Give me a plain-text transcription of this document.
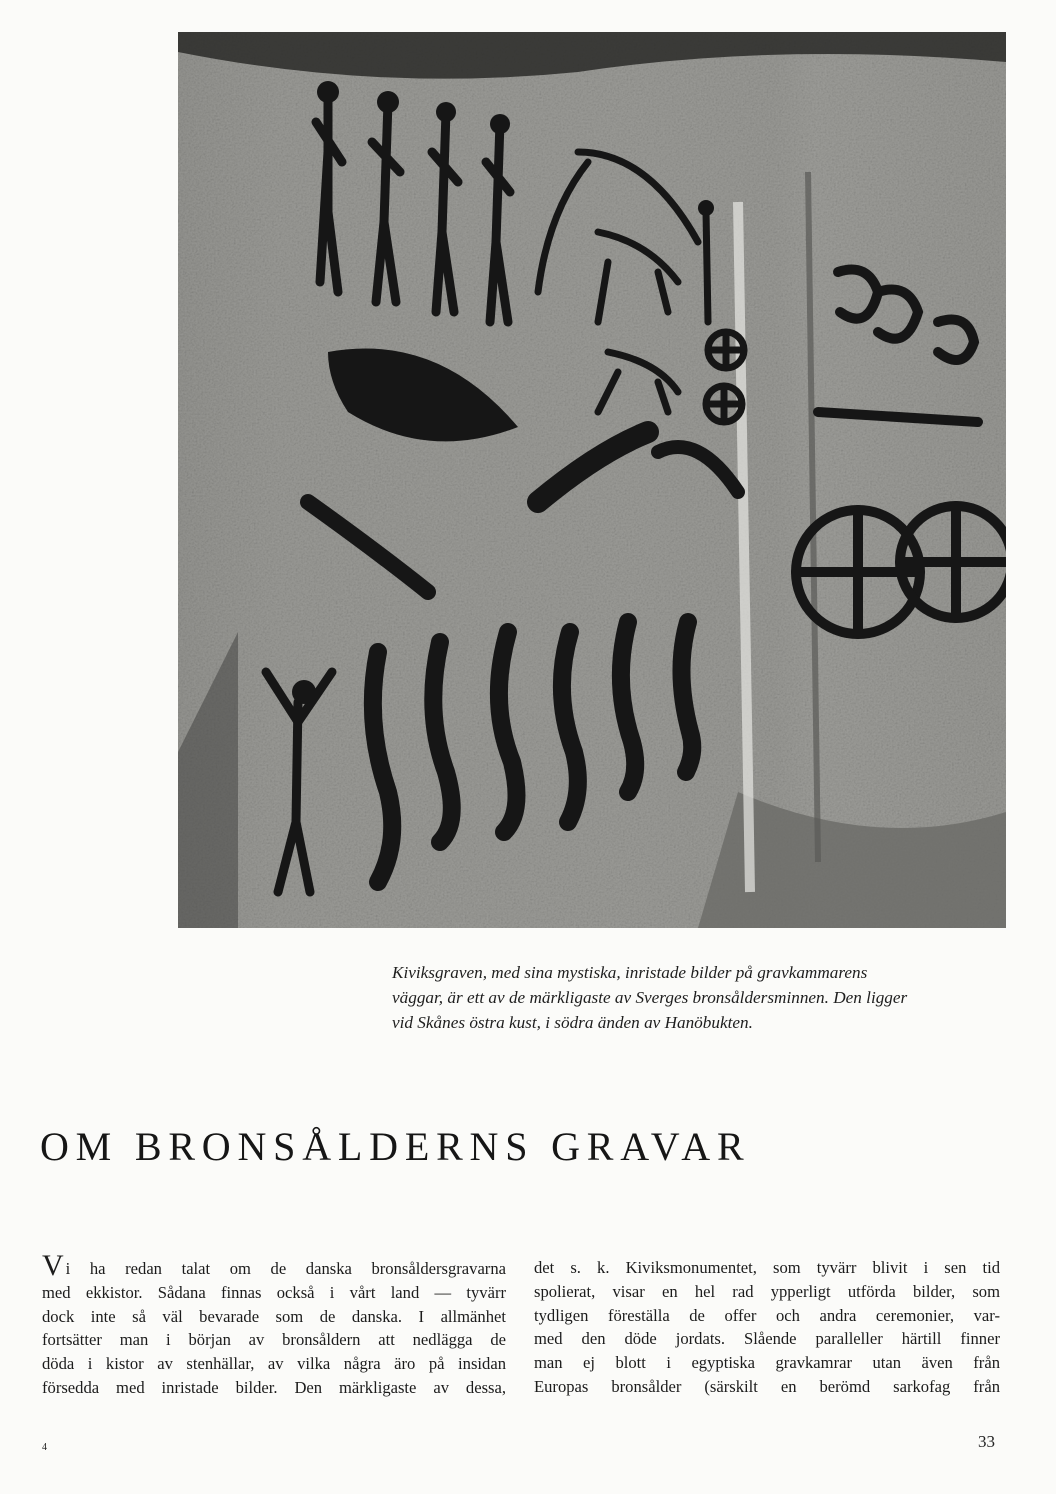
Kiviksgraven, med sina mystiska, inristade bilder på gravkammarens
väggar, är ett av de märkligaste av Sverges bronsåldersminnen. Den ligger
vid Skånes östra kust, i södra änden av Hanöbukten.
OM BRONSÅLDERNS GRAVAR
Vi ha redan talat om de danska bronsåldersgravarna
med ekkistor. Sådana finnas också i vårt land — tyvärr
dock inte så väl bevarade som de danska. I allmänhet
fortsätter man i början av bronsåldern att nedlägga de
döda i kistor av stenhällar, av vilka några äro på insidan
försedda med inristade bilder. Den märkligaste av dessa,
det s. k. Kiviksmonumentet, som tyvärr blivit i sen tid
spolierat, visar en hel rad ypperligt utförda bilder, som
tydligen föreställa de offer och andra ceremonier, var-
med den döde jordats. Slående paralleller härtill finner
man ej blott i egyptiska gravkamrar utan även från
Europas bronsålder (särskilt en berömd sarkofag från
4	33
